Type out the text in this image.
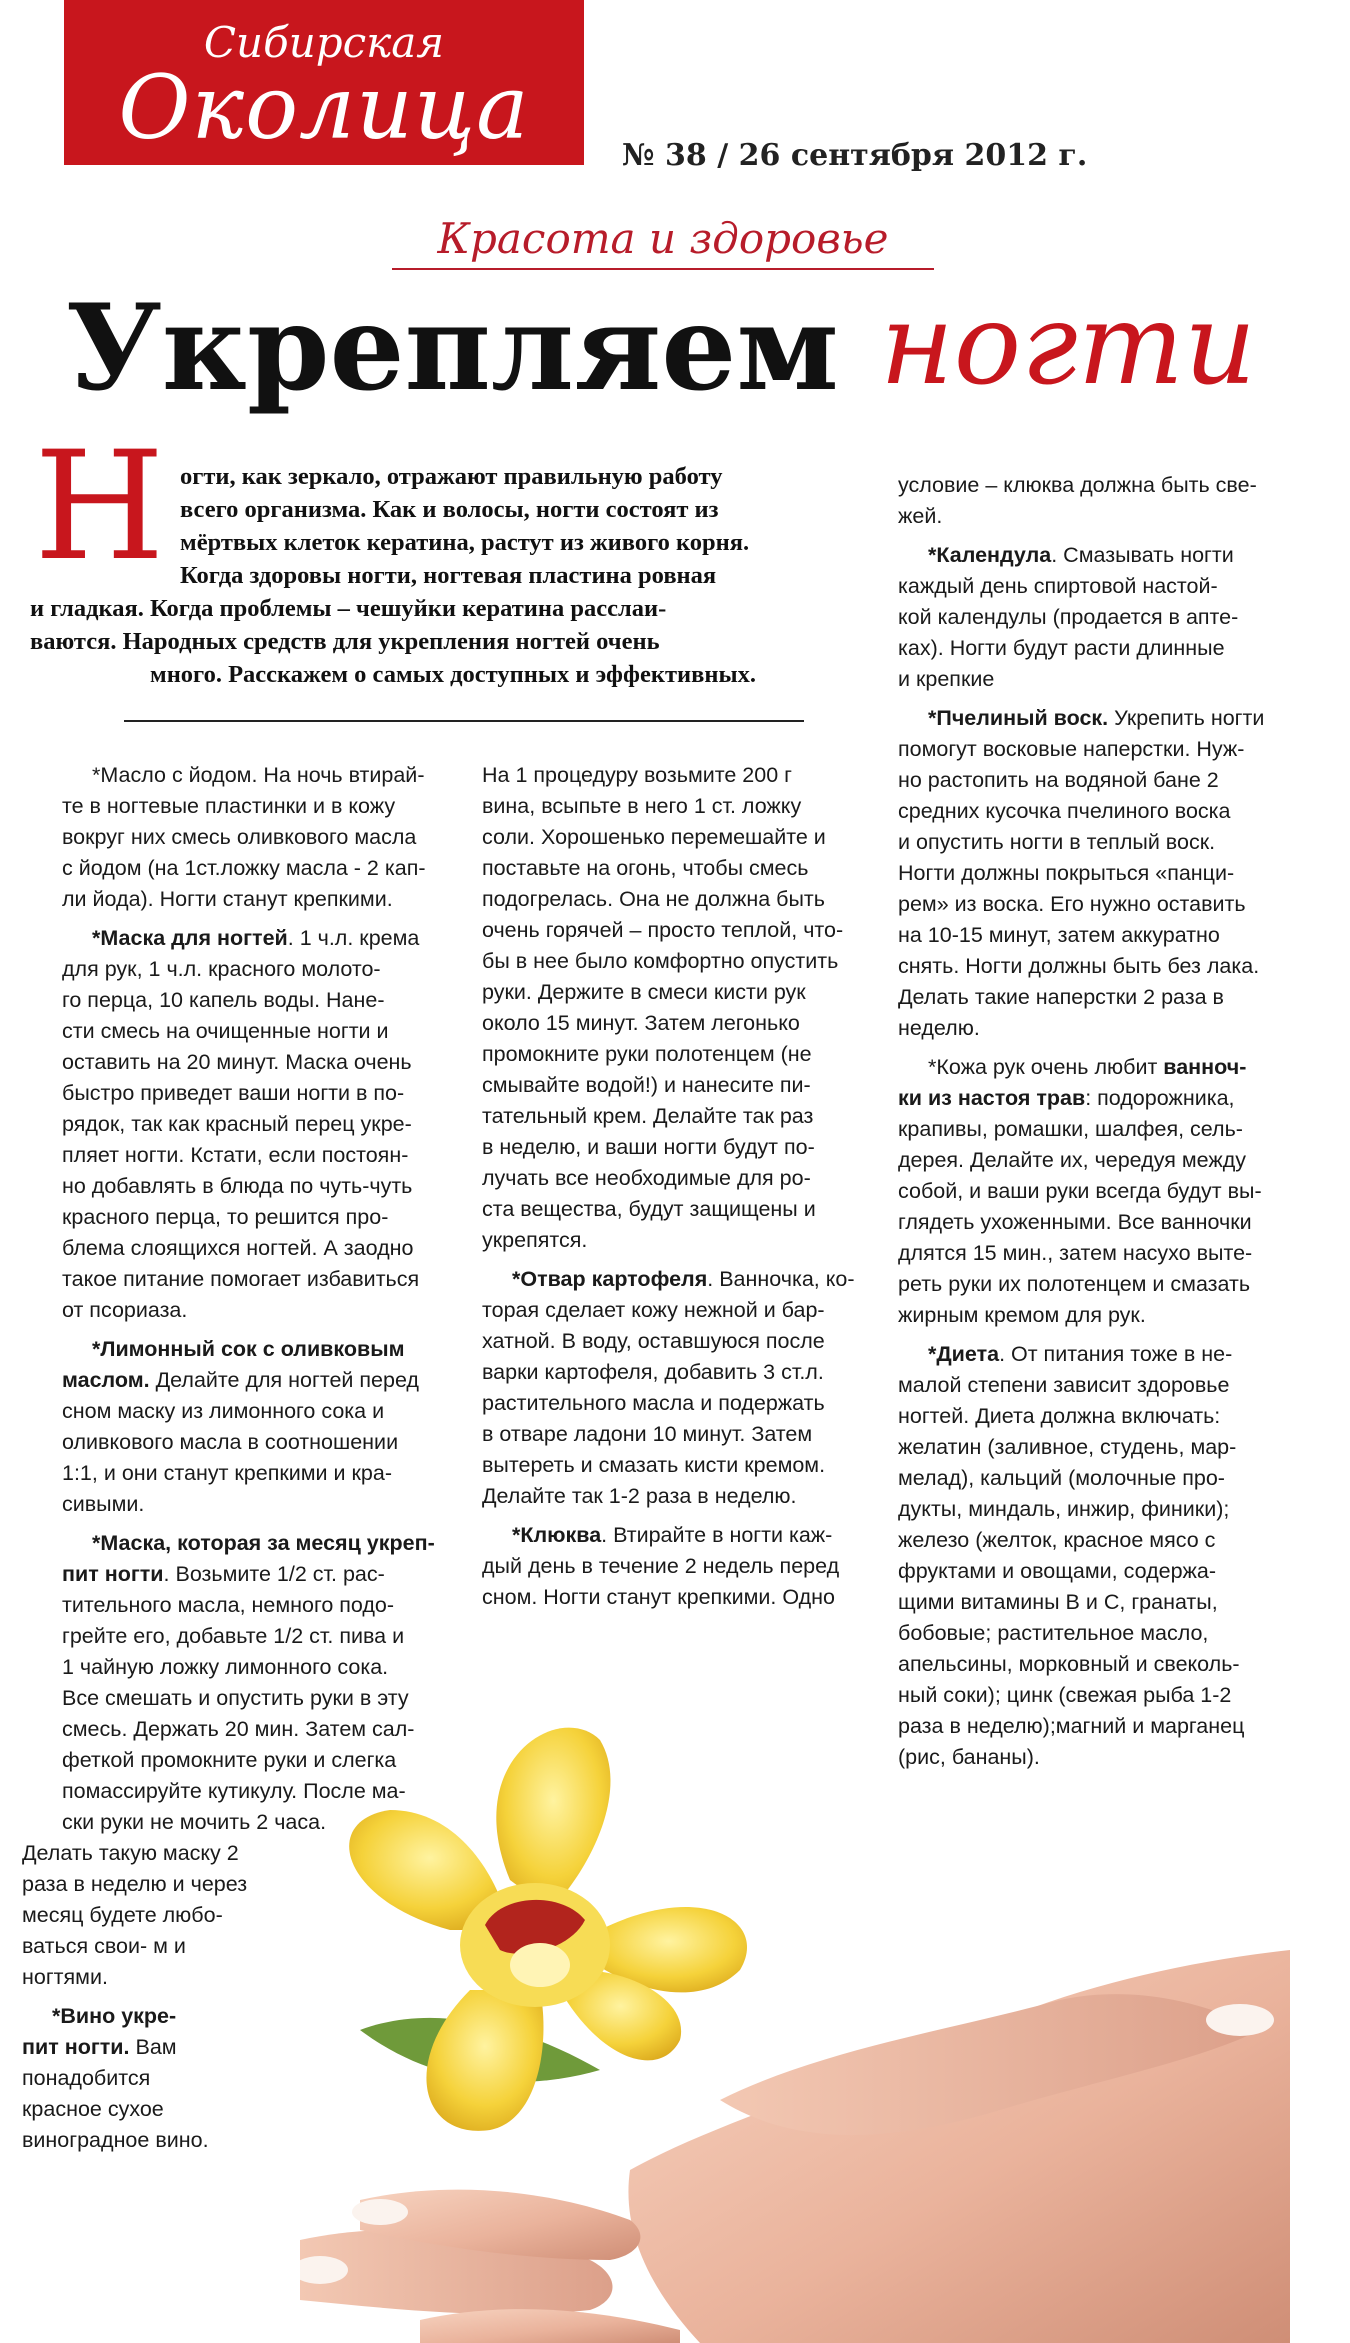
Сибирская
Околица	№ 38 / 26 сентября 2012 г.
Красота и здоровье
Укрепляем ногти
Н огти, как зеркало, отражают правильную работу
всего организма. Как и волосы, ногти состоят из
мёртвых клеток кератина, растут из живого корня.
Когда здоровы ногти, ногтевая пластина ровная
и гладкая. Когда проблемы – чешуйки кератина расслаи-
ваются. Народных средств для укрепления ногтей очень
много. Расскажем о самых доступных и эффективных.
*Масло с йодом. На ночь втирай-
те в ногтевые пластинки и в кожу
вокруг них смесь оливкового масла
с йодом (на 1ст.ложку масла - 2 кап-
ли йода). Ногти станут крепкими.
*Маска для ногтей. 1 ч.л. крема
для рук, 1 ч.л. красного молото-
го перца, 10 капель воды. Нане-
сти смесь на очищенные ногти и
оставить на 20 минут. Маска очень
быстро приведет ваши ногти в по-
рядок, так как красный перец укре-
пляет ногти. Кстати, если постоян-
но добавлять в блюда по чуть-чуть
красного перца, то решится про-
блема слоящихся ногтей. А заодно
такое питание помогает избавиться
от псориаза.
*Лимонный сок с оливковым
маслом. Делайте для ногтей перед
сном маску из лимонного сока и
оливкового масла в соотношении
1:1, и они станут крепкими и кра-
сивыми.
*Маска, которая за месяц укреп-
пит ногти. Возьмите 1/2 ст. рас-
тительного масла, немного подо-
грейте его, добавьте 1/2 ст. пива и
1 чайную ложку лимонного сока.
Все смешать и опустить руки в эту
смесь. Держать 20 мин. Затем сал-
феткой промокните руки и слегка
помассируйте кутикулу. После ма-
ски руки не мочить 2 часа.
Делать такую маску 2
раза в неделю и через
месяц будете любо-
ваться свои- м и
ногтями.
*Вино укре-
пит ногти. Вам
понадобится
красное сухое
виноградное вино.
На 1 процедуру возьмите 200 г
вина, всыпьте в него 1 ст. ложку
соли. Хорошенько перемешайте и
поставьте на огонь, чтобы смесь
подогрелась. Она не должна быть
очень горячей – просто теплой, что-
бы в нее было комфортно опустить
руки. Держите в смеси кисти рук
около 15 минут. Затем легонько
промокните руки полотенцем (не
смывайте водой!) и нанесите пи-
тательный крем. Делайте так раз
в неделю, и ваши ногти будут по-
лучать все необходимые для ро-
ста вещества, будут защищены и
укрепятся.
*Отвар картофеля. Ванночка, ко-
торая сделает кожу нежной и бар-
хатной. В воду, оставшуюся после
варки картофеля, добавить 3 ст.л.
растительного масла и подержать
в отваре ладони 10 минут. Затем
вытереть и смазать кисти кремом.
Делайте так 1-2 раза в неделю.
*Клюква. Втирайте в ногти каж-
дый день в течение 2 недель перед
сном. Ногти станут крепкими. Одно
условие – клюква должна быть све-
жей.
*Календула. Смазывать ногти
каждый день спиртовой настой-
кой календулы (продается в апте-
ках). Ногти будут расти длинные
и крепкие
*Пчелиный воск. Укрепить ногти
помогут восковые наперстки. Нуж-
но растопить на водяной бане 2
средних кусочка пчелиного воска
и опустить ногти в теплый воск.
Ногти должны покрыться «панци-
рем» из воска. Его нужно оставить
на 10-15 минут, затем аккуратно
снять. Ногти должны быть без лака.
Делать такие наперстки 2 раза в
неделю.
*Кожа рук очень любит ванноч-
ки из настоя трав: подорожника,
крапивы, ромашки, шалфея, сель-
дерея. Делайте их, чередуя между
собой, и ваши руки всегда будут вы-
глядеть ухоженными. Все ванночки
длятся 15 мин., затем насухо выте-
реть руки их полотенцем и смазать
жирным кремом для рук.
*Диета. От питания тоже в не-
малой степени зависит здоровье
ногтей. Диета должна включать:
желатин (заливное, студень, мар-
мелад), кальций (молочные про-
дукты, миндаль, инжир, финики);
железо (желток, красное мясо с
фруктами и овощами, содержа-
щими витамины В и С, гранаты,
бобовые; растительное масло,
апельсины, морковный и свеколь-
ный соки); цинк (свежая рыба 1-2
раза в неделю);магний и марганец
(рис, бананы).
